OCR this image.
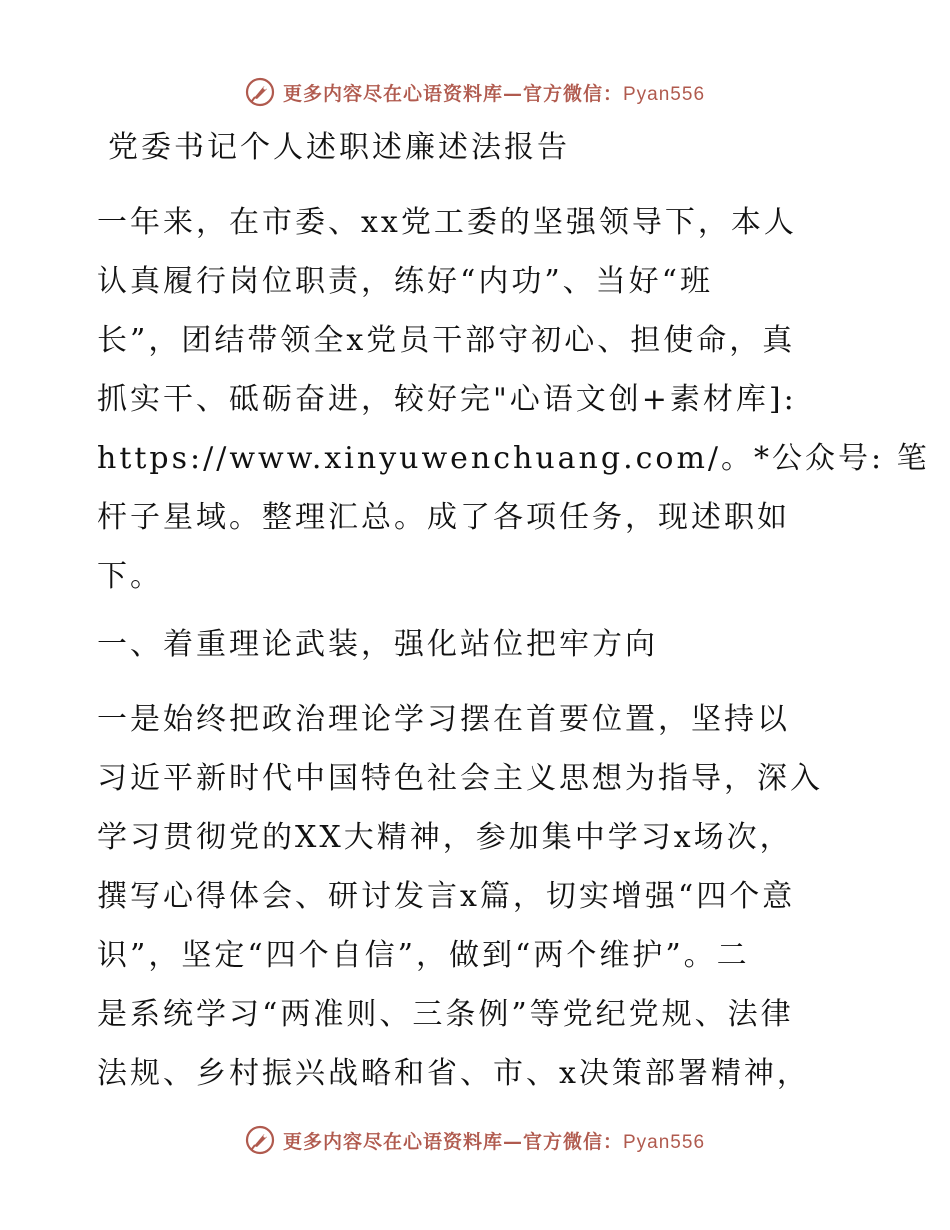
更多内容尽在心语资料库—官方微信：Pyan556
党委书记个人述职述廉述法报告
一年来，在市委、xx党工委的坚强领导下，本人
认真履行岗位职责，练好“内功”、当好“班
长”，团结带领全x党员干部守初心、担使命，真
抓实干、砥砺奋进，较好完"心语文创+素材库]:
https://www.xinyuwenchuang.com/。*公众号: 笔
杆子星域。整理汇总。成了各项任务，现述职如
下。
一、着重理论武装，强化站位把牢方向
一是始终把政治理论学习摆在首要位置，坚持以
习近平新时代中国特色社会主义思想为指导，深入
学习贯彻党的XX大精神，参加集中学习x场次，
撰写心得体会、研讨发言x篇，切实增强“四个意
识”，坚定“四个自信”，做到“两个维护”。二
是系统学习“两准则、三条例”等党纪党规、法律
法规、乡村振兴战略和省、市、x决策部署精神，
更多内容尽在心语资料库—官方微信：Pyan556
